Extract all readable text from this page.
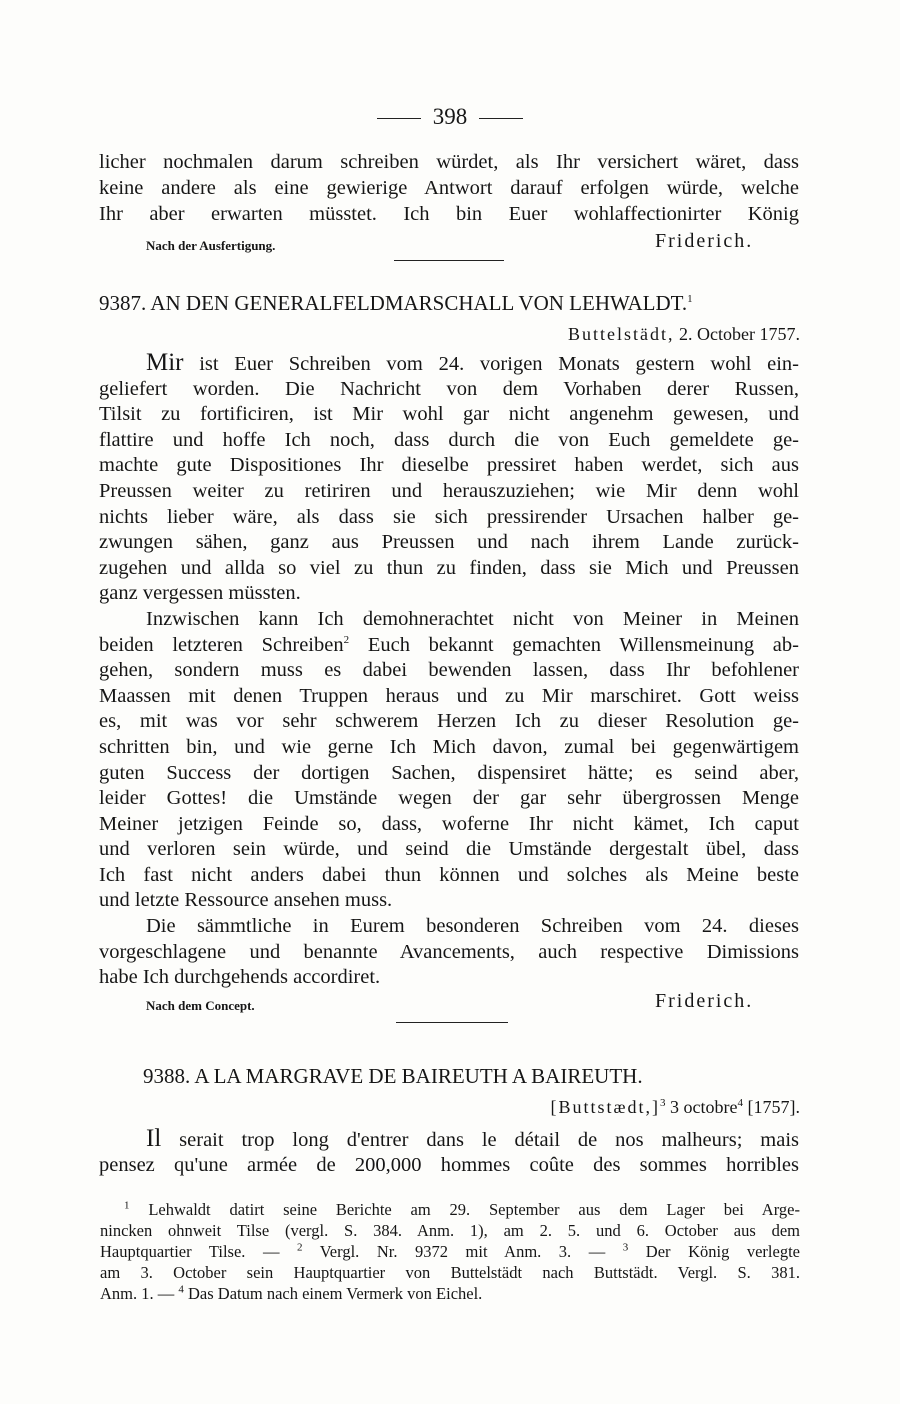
398
licher nochmalen darum schreiben würdet, als Ihr versichert wäret, dass
keine andere als eine gewierige Antwort darauf erfolgen würde, welche
Ihr aber erwarten müsstet. Ich bin Euer wohlaffectionirter König
Nach der Ausfertigung.	Friderich.
9387. AN DEN GENERALFELDMARSCHALL VON LEHWALDT.$^1$
Buttelstädt, 2. October 1757.
Mir ist Euer Schreiben vom 24. vorigen Monats gestern wohl ein-
geliefert worden. Die Nachricht von dem Vorhaben derer Russen,
Tilsit zu fortificiren, ist Mir wohl gar nicht angenehm gewesen, und
flattire und hoffe Ich noch, dass durch die von Euch gemeldete ge-
machte gute Dispositiones Ihr dieselbe pressiret haben werdet, sich aus
Preussen weiter zu retiriren und herauszuziehen; wie Mir denn wohl
nichts lieber wäre, als dass sie sich pressirender Ursachen halber ge-
zwungen sähen, ganz aus Preussen und nach ihrem Lande zurück-
zugehen und allda so viel zu thun zu finden, dass sie Mich und Preussen
ganz vergessen müssten.
Inzwischen kann Ich demohnerachtet nicht von Meiner in Meinen
beiden letzteren Schreiben$^2$ Euch bekannt gemachten Willensmeinung ab-
gehen, sondern muss es dabei bewenden lassen, dass Ihr befohlener
Maassen mit denen Truppen heraus und zu Mir marschiret. Gott weiss
es, mit was vor sehr schwerem Herzen Ich zu dieser Resolution ge-
schritten bin, und wie gerne Ich Mich davon, zumal bei gegenwärtigem
guten Success der dortigen Sachen, dispensiret hätte; es seind aber,
leider Gottes! die Umstände wegen der gar sehr übergrossen Menge
Meiner jetzigen Feinde so, dass, woferne Ihr nicht kämet, Ich caput
und verloren sein würde, und seind die Umstände dergestalt übel, dass
Ich fast nicht anders dabei thun können und solches als Meine beste
und letzte Ressource ansehen muss.
Die sämmtliche in Eurem besonderen Schreiben vom 24. dieses
vorgeschlagene und benannte Avancements, auch respective Dimissions
habe Ich durchgehends accordiret.
Nach dem Concept.	Friderich.
9388. A LA MARGRAVE DE BAIREUTH A BAIREUTH.
[Buttstædt,]$^3$ 3 octobre$^4$ [1757].
Il serait trop long d'entrer dans le détail de nos malheurs; mais
pensez qu'une armée de 200,000 hommes coûte des sommes horribles
$^1$ Lehwaldt datirt seine Berichte am 29. September aus dem Lager bei Arge-
nincken ohnweit Tilse (vergl. S. 384. Anm. 1), am 2. 5. und 6. October aus dem
Hauptquartier Tilse. — $^2$ Vergl. Nr. 9372 mit Anm. 3. — $^3$ Der König verlegte
am 3. October sein Hauptquartier von Buttelstädt nach Buttstädt. Vergl. S. 381.
Anm. 1. — $^4$ Das Datum nach einem Vermerk von Eichel.
